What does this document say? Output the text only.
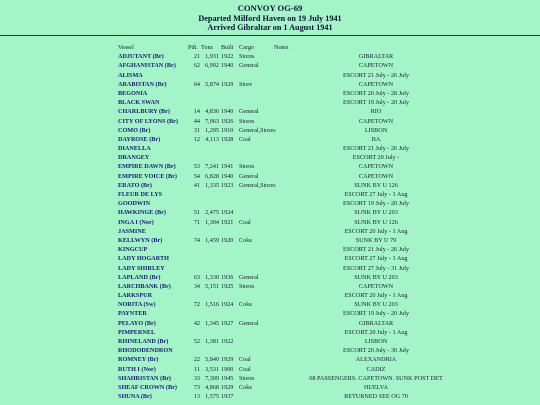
CONVOY OG-69
Departed Milford Haven on 19 July 1941
Arrived Gibraltar on 1 August 1941
Vessel	Pdt. Tons Built Cargo	Notes
ADJUTANT (Br)	21 1,931 1922 Stores	GIBRALTAR
AFGHANISTAN (Br)	62 6,992 1940 General	CAPETOWN
ALISMA	ESCORT 21 July - 26 July
ARABISTAN (Br)	64 5,874 1929 Store	CAPETOWN
BEGONIA	ESCORT 20 July - 28 July
BLACK SWAN	ESCORT 19 July - 20 July
CHARLBURY (Br)	14 4,836 1940 General	RIO
CITY OF LYONS (Br)	44 7,063 1926 Stores	CAPETOWN
COMO (Br)	31 1,295 1910 General,Stores	LISBON
DAYROSE (Br)	12 4,113 1928 Coal	BA
DIANELLA	ESCORT 21 July - 26 July
DRANGEY	ESCORT 20 July -
EMPIRE DAWN (Br)	53 7,241 1941 Stores	CAPETOWN
EMPIRE VOICE (Br)	54 6,828 1940 General	CAPETOWN
ERATO (Br)	41 1,335 1923 General,Stores	SUNK BY U 126
FLEUR DE LYS	ESCORT 27 July - 1 Aug
GOODWIN	ESCORT 19 July - 20 July
HAWKINGE (Br)	51 2,475 1924	SUNK BY U 203
INGA I (Nor)	71 1,304 1921 Coal	SUNK BY U 126
JASMINE	ESCORT 20 July - 1 Aug
KELLWYN (Br)	74 1,459 1920 Coke	SUNK BY U 79
KINGCUP	ESCORT 21 July - 26 July
LADY HOGARTH	ESCORT 27 July - 1 Aug
LADY SHIRLEY	ESCORT 27 July - 31 July
LAPLAND (Br)	63 1,330 1936 General	SUNK BY U 203
LARCHBANK (Br)	34 5,151 1925 Stores	CAPETOWN
LARKSPUR	ESCORT 20 July - 1 Aug
NORITA (Sw)	72 1,516 1924 Coke	SUNK BY U 203
PAYNTER	ESCORT 19 July - 20 July
PELAYO (Br)	42 1,345 1927 General	GIBRALTAR
PIMPERNEL	ESCORT 20 July - 1 Aug
RHINELAND (Br)	52 1,381 1922	LISBON
RHODODENDRON	ESCORT 20 July - 30 July
ROMNEY (Br)	22 5,840 1929 Coal	ALEXANDRIA
RUTH I (Nor)	11 3,531 1900 Coal	CADIZ
SHAHRISTAN (Br)	33 7,309 1945 Stores	68 PASSENGERS. CAPETOWN. SUNK POST DET
SHEAF CROWN (Br)	73 4,868 1929 Coke	HUELVA
SHUNA (Br)	13 1,575 1937	RETURNED SEE OG 70
